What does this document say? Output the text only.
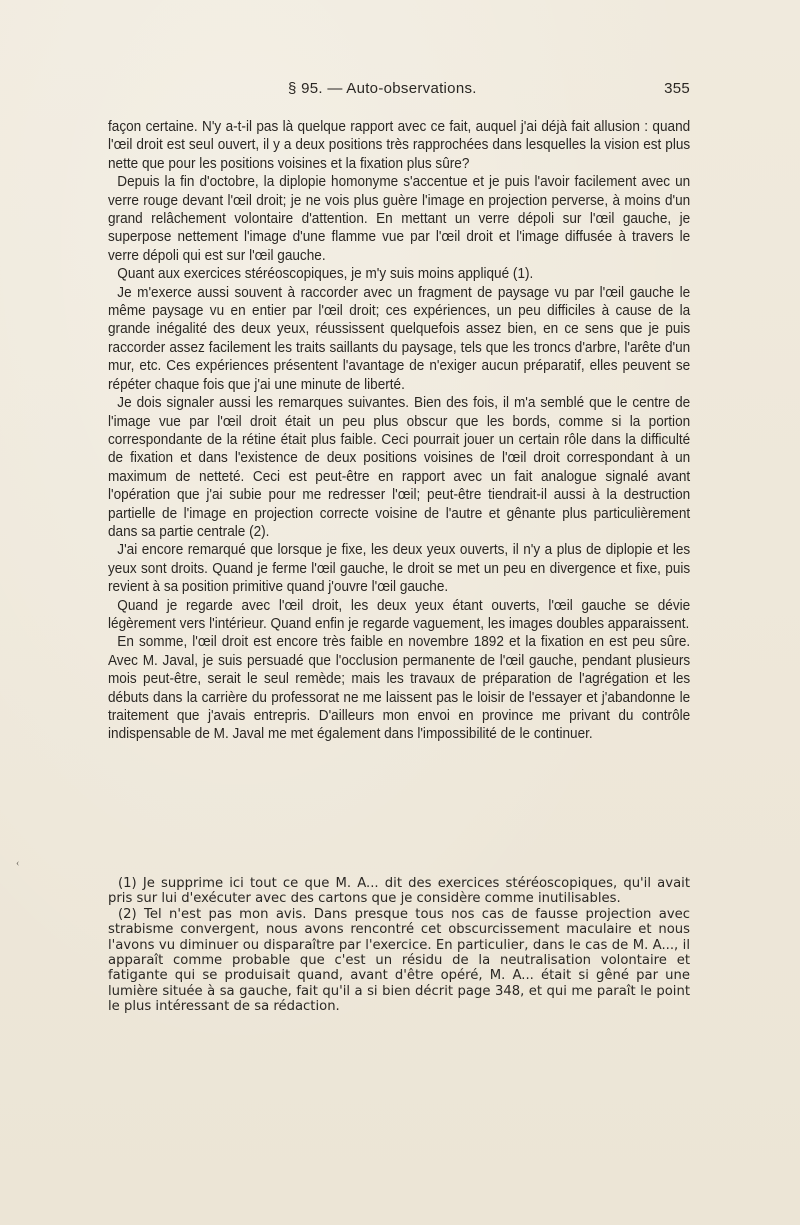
§ 95. — Auto-observations.	355

façon certaine. N'y a-t-il pas là quelque rapport avec ce fait, auquel j'ai déjà fait allusion : quand l'œil droit est seul ouvert, il y a deux positions très rapprochées dans lesquelles la vision est plus nette que pour les positions voisines et la fixation plus sûre?

Depuis la fin d'octobre, la diplopie homonyme s'accentue et je puis l'avoir facilement avec un verre rouge devant l'œil droit; je ne vois plus guère l'image en projection perverse, à moins d'un grand relâchement volontaire d'attention. En mettant un verre dépoli sur l'œil gauche, je superpose nettement l'image d'une flamme vue par l'œil droit et l'image diffusée à travers le verre dépoli qui est sur l'œil gauche.

Quant aux exercices stéréoscopiques, je m'y suis moins appliqué (1).

Je m'exerce aussi souvent à raccorder avec un fragment de paysage vu par l'œil gauche le même paysage vu en entier par l'œil droit; ces expériences, un peu difficiles à cause de la grande inégalité des deux yeux, réussissent quelquefois assez bien, en ce sens que je puis raccorder assez facilement les traits saillants du paysage, tels que les troncs d'arbre, l'arête d'un mur, etc. Ces expériences présentent l'avantage de n'exiger aucun préparatif, elles peuvent se répéter chaque fois que j'ai une minute de liberté.

Je dois signaler aussi les remarques suivantes. Bien des fois, il m'a semblé que le centre de l'image vue par l'œil droit était un peu plus obscur que les bords, comme si la portion correspondante de la rétine était plus faible. Ceci pourrait jouer un certain rôle dans la difficulté de fixation et dans l'existence de deux positions voisines de l'œil droit correspondant à un maximum de netteté. Ceci est peut-être en rapport avec un fait analogue signalé avant l'opération que j'ai subie pour me redresser l'œil; peut-être tiendrait-il aussi à la destruction partielle de l'image en projection correcte voisine de l'autre et gênante plus particulièrement dans sa partie centrale (2).

J'ai encore remarqué que lorsque je fixe, les deux yeux ouverts, il n'y a plus de diplopie et les yeux sont droits. Quand je ferme l'œil gauche, le droit se met un peu en divergence et fixe, puis revient à sa position primitive quand j'ouvre l'œil gauche.

Quand je regarde avec l'œil droit, les deux yeux étant ouverts, l'œil gauche se dévie légèrement vers l'intérieur. Quand enfin je regarde vaguement, les images doubles apparaissent.

En somme, l'œil droit est encore très faible en novembre 1892 et la fixation en est peu sûre. Avec M. Javal, je suis persuadé que l'occlusion permanente de l'œil gauche, pendant plusieurs mois peut-être, serait le seul remède; mais les travaux de préparation de l'agrégation et les débuts dans la carrière du professorat ne me laissent pas le loisir de l'essayer et j'abandonne le traitement que j'avais entrepris. D'ailleurs mon envoi en province me privant du contrôle indispensable de M. Javal me met également dans l'impossibilité de le continuer.

‹

(1) Je supprime ici tout ce que M. A... dit des exercices stéréoscopiques, qu'il avait pris sur lui d'exécuter avec des cartons que je considère comme inutilisables.

(2) Tel n'est pas mon avis. Dans presque tous nos cas de fausse projection avec strabisme convergent, nous avons rencontré cet obscurcissement maculaire et nous l'avons vu diminuer ou disparaître par l'exercice. En particulier, dans le cas de M. A..., il apparaît comme probable que c'est un résidu de la neutralisation volontaire et fatigante qui se produisait quand, avant d'être opéré, M. A... était si gêné par une lumière située à sa gauche, fait qu'il a si bien décrit page 348, et qui me paraît le point le plus intéressant de sa rédaction.
